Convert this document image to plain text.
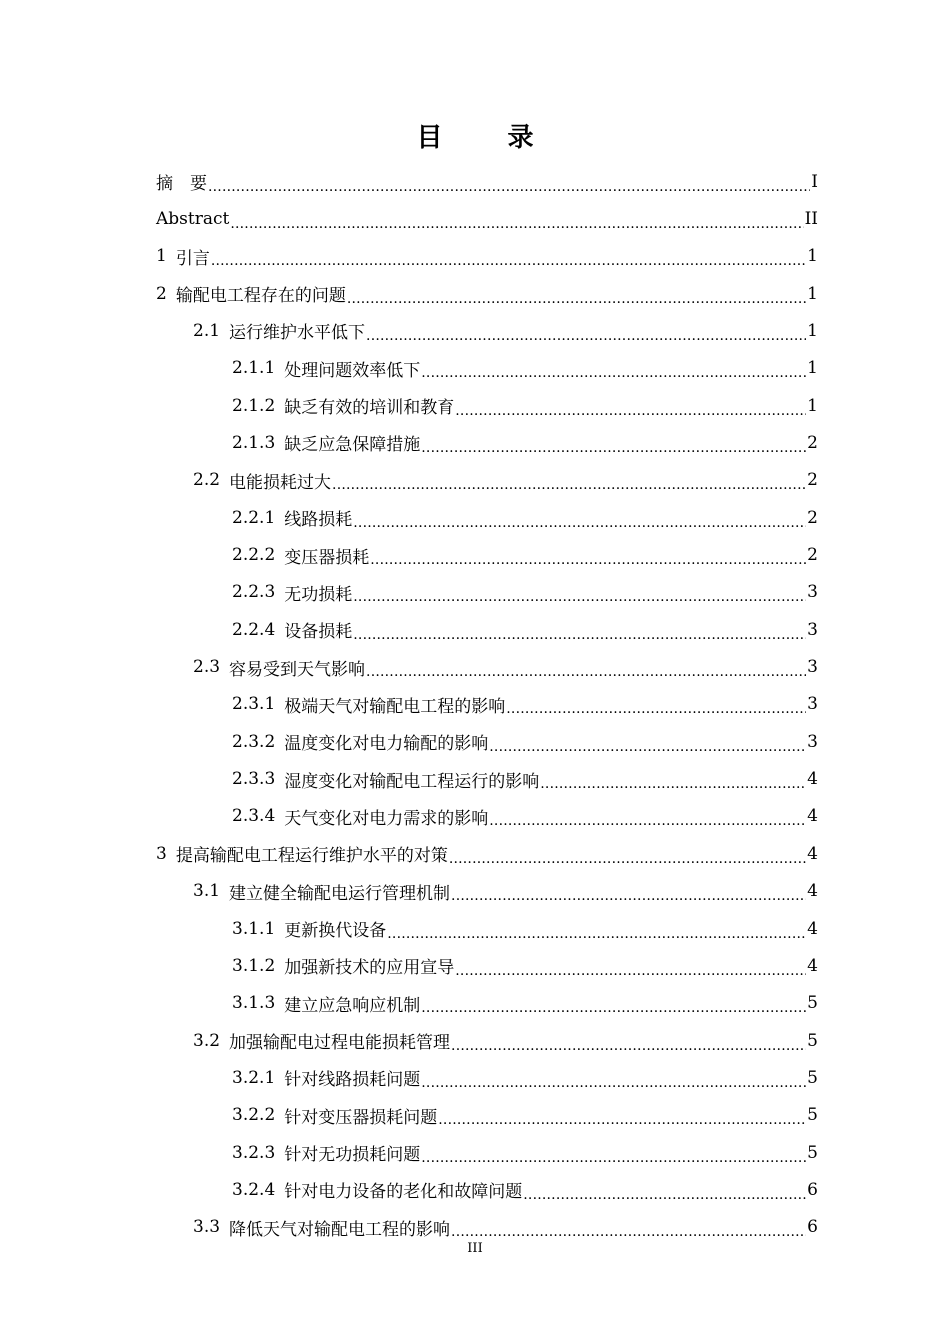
目 录
摘　要 .....	I
Abstract .....	II
1 引言 .....	1
2 输配电工程存在的问题 .....	1
2.1 运行维护水平低下 .....	1
2.1.1 处理问题效率低下 .....	1
2.1.2 缺乏有效的培训和教育 .....	1
2.1.3 缺乏应急保障措施 .....	2
2.2 电能损耗过大 .....	2
2.2.1 线路损耗 .....	2
2.2.2 变压器损耗 .....	2
2.2.3 无功损耗 .....	3
2.2.4 设备损耗 .....	3
2.3 容易受到天气影响 .....	3
2.3.1 极端天气对输配电工程的影响 .....	3
2.3.2 温度变化对电力输配的影响 .....	3
2.3.3 湿度变化对输配电工程运行的影响 .....	4
2.3.4 天气变化对电力需求的影响 .....	4
3 提高输配电工程运行维护水平的对策 .....	4
3.1 建立健全输配电运行管理机制 .....	4
3.1.1 更新换代设备 .....	4
3.1.2 加强新技术的应用宣导 .....	4
3.1.3 建立应急响应机制 .....	5
3.2 加强输配电过程电能损耗管理 .....	5
3.2.1 针对线路损耗问题 .....	5
3.2.2 针对变压器损耗问题 .....	5
3.2.3 针对无功损耗问题 .....	5
3.2.4 针对电力设备的老化和故障问题 .....	6
3.3 降低天气对输配电工程的影响 .....	6
III
